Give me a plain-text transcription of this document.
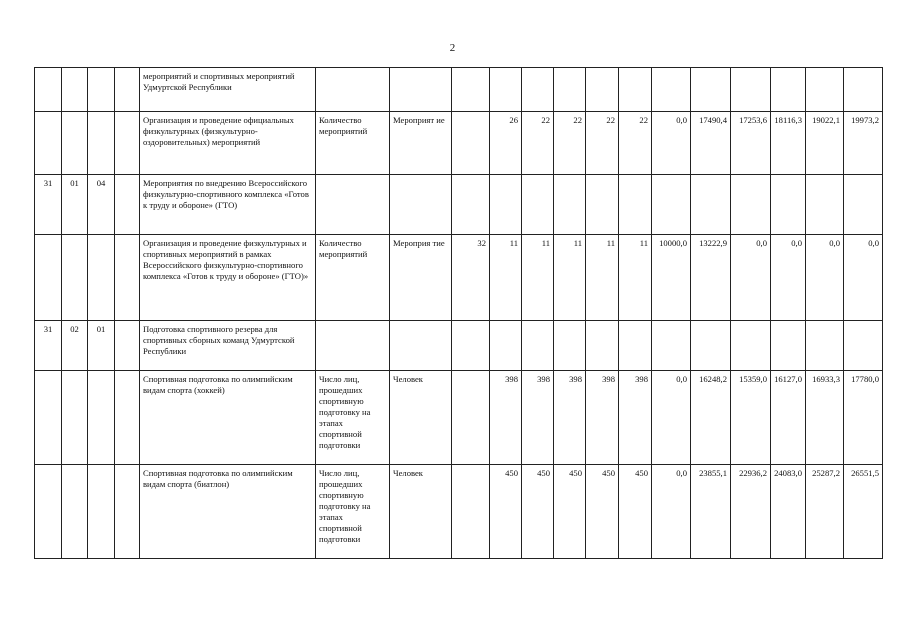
2
				мероприятий и спортивных мероприятий Удмуртской Республики														
				Организация и проведение официальных физкультурных (физкультурно-оздоровительных) мероприятий	Количество мероприятий	Мероприят ие		26	22	22	22	22	0,0	17490,4	17253,6	18116,3	19022,1	19973,2
31	01	04		Мероприятия по внедрению Всероссийского физкультурно-спортивного комплекса «Готов к труду и обороне» (ГТО)														
				Организация и проведение физкультурных и спортивных мероприятий в рамках Всероссийского физкультурно-спортивного комплекса «Готов к труду и обороне» (ГТО)»	Количество мероприятий	Мероприя тие	32	11	11	11	11	11	10000,0	13222,9	0,0	0,0	0,0	0,0
31	02	01		Подготовка спортивного резерва для спортивных сборных команд Удмуртской Республики														
				Спортивная подготовка по олимпийским видам спорта (хоккей)	Число лиц, прошедших спортивную подготовку на этапах спортивной подготовки	Человек		398	398	398	398	398	0,0	16248,2	15359,0	16127,0	16933,3	17780,0
				Спортивная подготовка по олимпийским видам спорта (биатлон)	Число лиц, прошедших спортивную подготовку на этапах спортивной подготовки	Человек		450	450	450	450	450	0,0	23855,1	22936,2	24083,0	25287,2	26551,5
